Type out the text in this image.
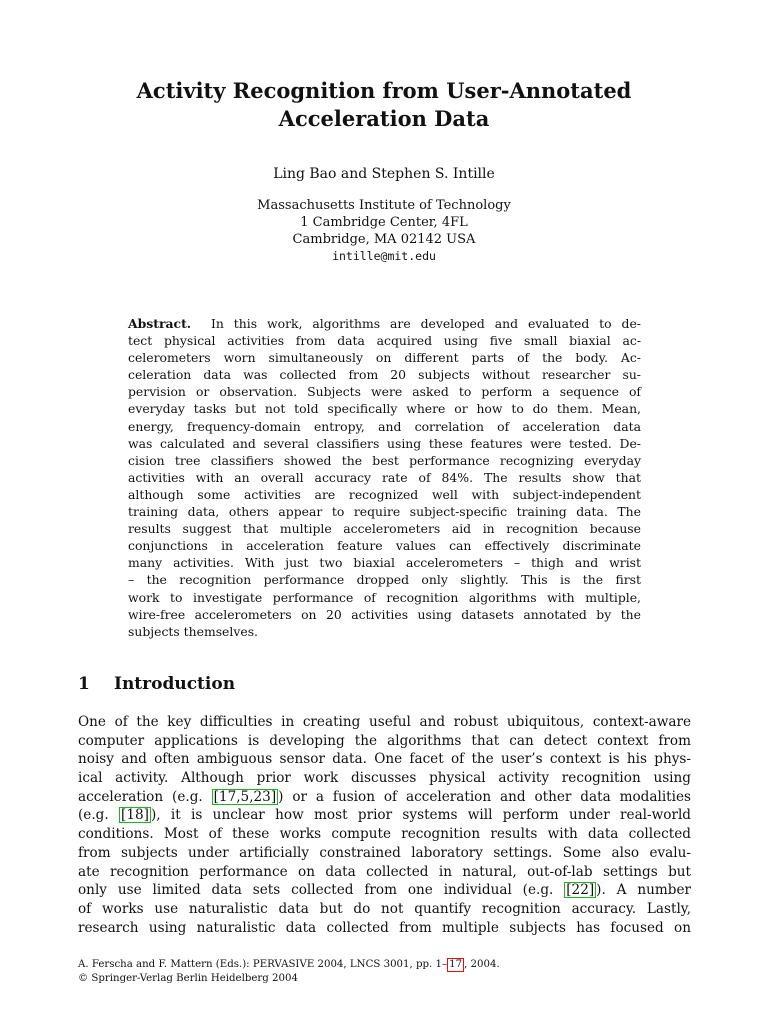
Activity Recognition from User-Annotated
Acceleration Data
Ling Bao and Stephen S. Intille
Massachusetts Institute of Technology
1 Cambridge Center, 4FL
Cambridge, MA 02142 USA
intille@mit.edu
Abstract. In this work, algorithms are developed and evaluated to de-
tect physical activities from data acquired using five small biaxial ac-
celerometers worn simultaneously on different parts of the body. Ac-
celeration data was collected from 20 subjects without researcher su-
pervision or observation. Subjects were asked to perform a sequence of
everyday tasks but not told specifically where or how to do them. Mean,
energy, frequency-domain entropy, and correlation of acceleration data
was calculated and several classifiers using these features were tested. De-
cision tree classifiers showed the best performance recognizing everyday
activities with an overall accuracy rate of 84%. The results show that
although some activities are recognized well with subject-independent
training data, others appear to require subject-specific training data. The
results suggest that multiple accelerometers aid in recognition because
conjunctions in acceleration feature values can effectively discriminate
many activities. With just two biaxial accelerometers – thigh and wrist
– the recognition performance dropped only slightly. This is the first
work to investigate performance of recognition algorithms with multiple,
wire-free accelerometers on 20 activities using datasets annotated by the
subjects themselves.
1 Introduction
One of the key difficulties in creating useful and robust ubiquitous, context-aware
computer applications is developing the algorithms that can detect context from
noisy and often ambiguous sensor data. One facet of the user’s context is his phys-
ical activity. Although prior work discusses physical activity recognition using
acceleration (e.g. [17,5,23] ) or a fusion of acceleration and other data modalities
(e.g. [18] ), it is unclear how most prior systems will perform under real-world
conditions. Most of these works compute recognition results with data collected
from subjects under artificially constrained laboratory settings. Some also evalu-
ate recognition performance on data collected in natural, out-of-lab settings but
only use limited data sets collected from one individual (e.g. [22] ). A number
of works use naturalistic data but do not quantify recognition accuracy. Lastly,
research using naturalistic data collected from multiple subjects has focused on
A. Ferscha and F. Mattern (Eds.): PERVASIVE 2004, LNCS 3001, pp. 1– 17 , 2004.
© Springer-Verlag Berlin Heidelberg 2004
